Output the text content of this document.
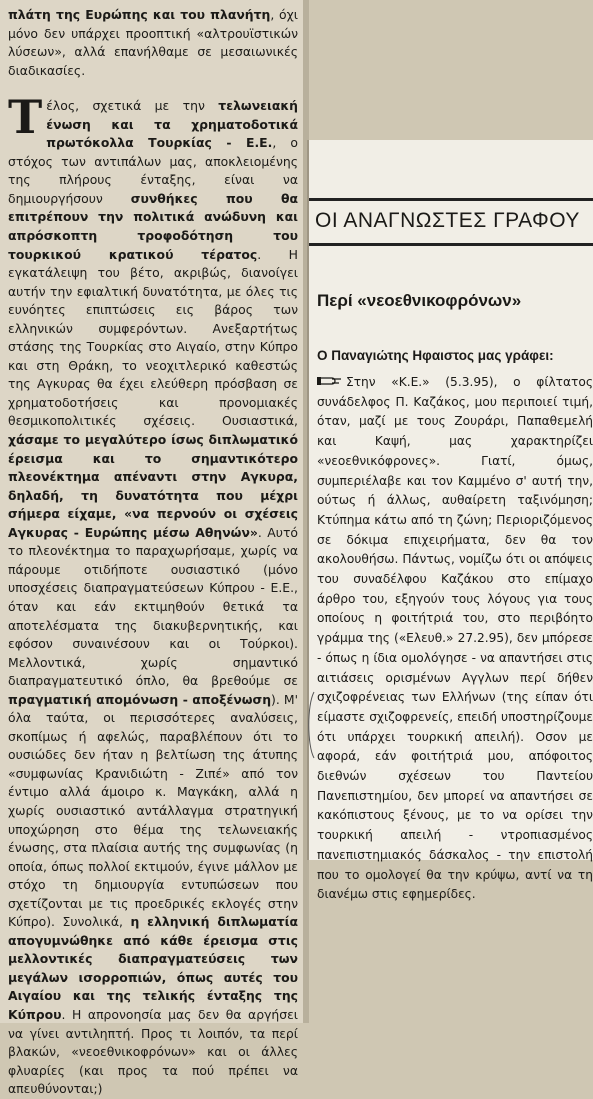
πλάτη της Ευρώπης και του πλανήτη, όχι μόνο δεν υπάρχει προοπτική «αλτρουϊστικών λύσεων», αλλά επανήλθαμε σε μεσαιωνικές διαδικασίες.

Τέλος, σχετικά με την τελωνειακή ένωση και τα χρηματοδοτικά πρωτόκολλα Τουρκίας - Ε.Ε., ο στόχος των αντιπάλων μας, αποκλειομένης της πλήρους ένταξης, είναι να δημιουργήσουν συνθήκες που θα επιτρέπουν την πολιτικά ανώδυνη και απρόσκοπτη τροφοδότηση του τουρκικού κρατικού τέρατος. Η εγκατάλειψη του βέτο, ακριβώς, διανοίγει αυτήν την εφιαλτική δυνατότητα, με όλες τις ευνόητες επιπτώσεις εις βάρος των ελληνικών συμφερόντων. Ανεξαρτήτως στάσης της Τουρκίας στο Αιγαίο, στην Κύπρο και στη Θράκη, το νεοχιτλερικό καθεστώς της Αγκυρας θα έχει ελεύθερη πρόσβαση σε χρηματοδοτήσεις και προνομιακές θεσμικοπολιτικές σχέσεις. Ουσιαστικά, χάσαμε το μεγαλύτερο ίσως διπλωματικό έρεισμα και το σημαντικότερο πλεονέκτημα απέναντι στην Αγκυρα, δηλαδή, τη δυνατότητα που μέχρι σήμερα είχαμε, «να περνούν οι σχέσεις Αγκυρας - Ευρώπης μέσω Αθηνών». Αυτό το πλεονέκτημα το παραχωρήσαμε, χωρίς να πάρουμε οτιδήποτε ουσιαστικό (μόνο υποσχέσεις διαπραγματεύσεων Κύπρου - Ε.Ε., όταν και εάν εκτιμηθούν θετικά τα αποτελέσματα της διακυβερνητικής, και εφόσον συναινέσουν και οι Τούρκοι). Μελλοντικά, χωρίς σημαντικό διαπραγματευτικό όπλο, θα βρεθούμε σε πραγματική απομόνωση - αποξένωση). Μ' όλα ταύτα, οι περισσότερες αναλύσεις, σκοπίμως ή αφελώς, παραβλέπουν ότι το ουσιώδες δεν ήταν η βελτίωση της άτυπης «συμφωνίας Κρανιδιώτη - Ζιπέ» από τον έντιμο αλλά άμοιρο κ. Μαγκάκη, αλλά η χωρίς ουσιαστικό αντάλλαγμα στρατηγική υποχώρηση στο θέμα της τελωνειακής ένωσης, στα πλαίσια αυτής της συμφωνίας (η οποία, όπως πολλοί εκτιμούν, έγινε μάλλον με στόχο τη δημιουργία εντυπώσεων που σχετίζονται με τις προεδρικές εκλογές στην Κύπρο). Συνολικά, η ελληνική διπλωματία απογυμνώθηκε από κάθε έρεισμα στις μελλοντικές διαπραγματεύσεις των μεγάλων ισορροπιών, όπως αυτές του Αιγαίου και της τελικής ένταξης της Κύπρου. Η απρονοησία μας δεν θα αργήσει να γίνει αντιληπτή. Προς τι λοιπόν, τα περί βλακών, «νεοεθνικοφρόνων» και οι άλλες φλυαρίες (και προς τα πού πρέπει να απευθύνονται;)

ΟΙ ΑΝΑΓΝΩΣΤΕΣ ΓΡΑΦΟΥ
Περί «νεοεθνικοφρόνων»
Ο Παναγιώτης Ηφαιστος μας γράφει:

Στην «Κ.Ε.» (5.3.95), ο φίλτατος συνάδελφος Π. Καζάκος, μου περιποιεί τιμή, όταν, μαζί με τους Ζουράρι, Παπαθεμελή και Καψή, μας χαρακτηρίζει «νεοεθνικόφρονες». Γιατί, όμως, συμπεριέλαβε και τον Καμμένο σ' αυτή την, ούτως ή άλλως, αυθαίρετη ταξινόμηση; Κτύπημα κάτω από τη ζώνη; Περιοριζόμενος σε δόκιμα επιχειρήματα, δεν θα τον ακολουθήσω. Πάντως, νομίζω ότι οι απόψεις του συναδέλφου Καζάκου στο επίμαχο άρθρο του, εξηγούν τους λόγους για τους οποίους η φοιτήτριά του, στο περιβόητο γράμμα της («Ελευθ.» 27.2.95), δεν μπόρεσε - όπως η ίδια ομολόγησε - να απαντήσει στις αιτιάσεις ορισμένων Αγγλων περί δήθεν σχιζοφρένειας των Ελλήνων (της είπαν ότι είμαστε σχιζοφρενείς, επειδή υποστηρίζουμε ότι υπάρχει τουρκική απειλή). Οσον με αφορά, εάν φοιτήτριά μου, απόφοιτος διεθνών σχέσεων του Παντείου Πανεπιστημίου, δεν μπορεί να απαντήσει σε κακόπιστους ξένους, με το να ορίσει την τουρκική απειλή - ντροπιασμένος πανεπιστημιακός δάσκαλος - την επιστολή που το ομολογεί θα την κρύψω, αντί να τη διανέμω στις εφημερίδες.
